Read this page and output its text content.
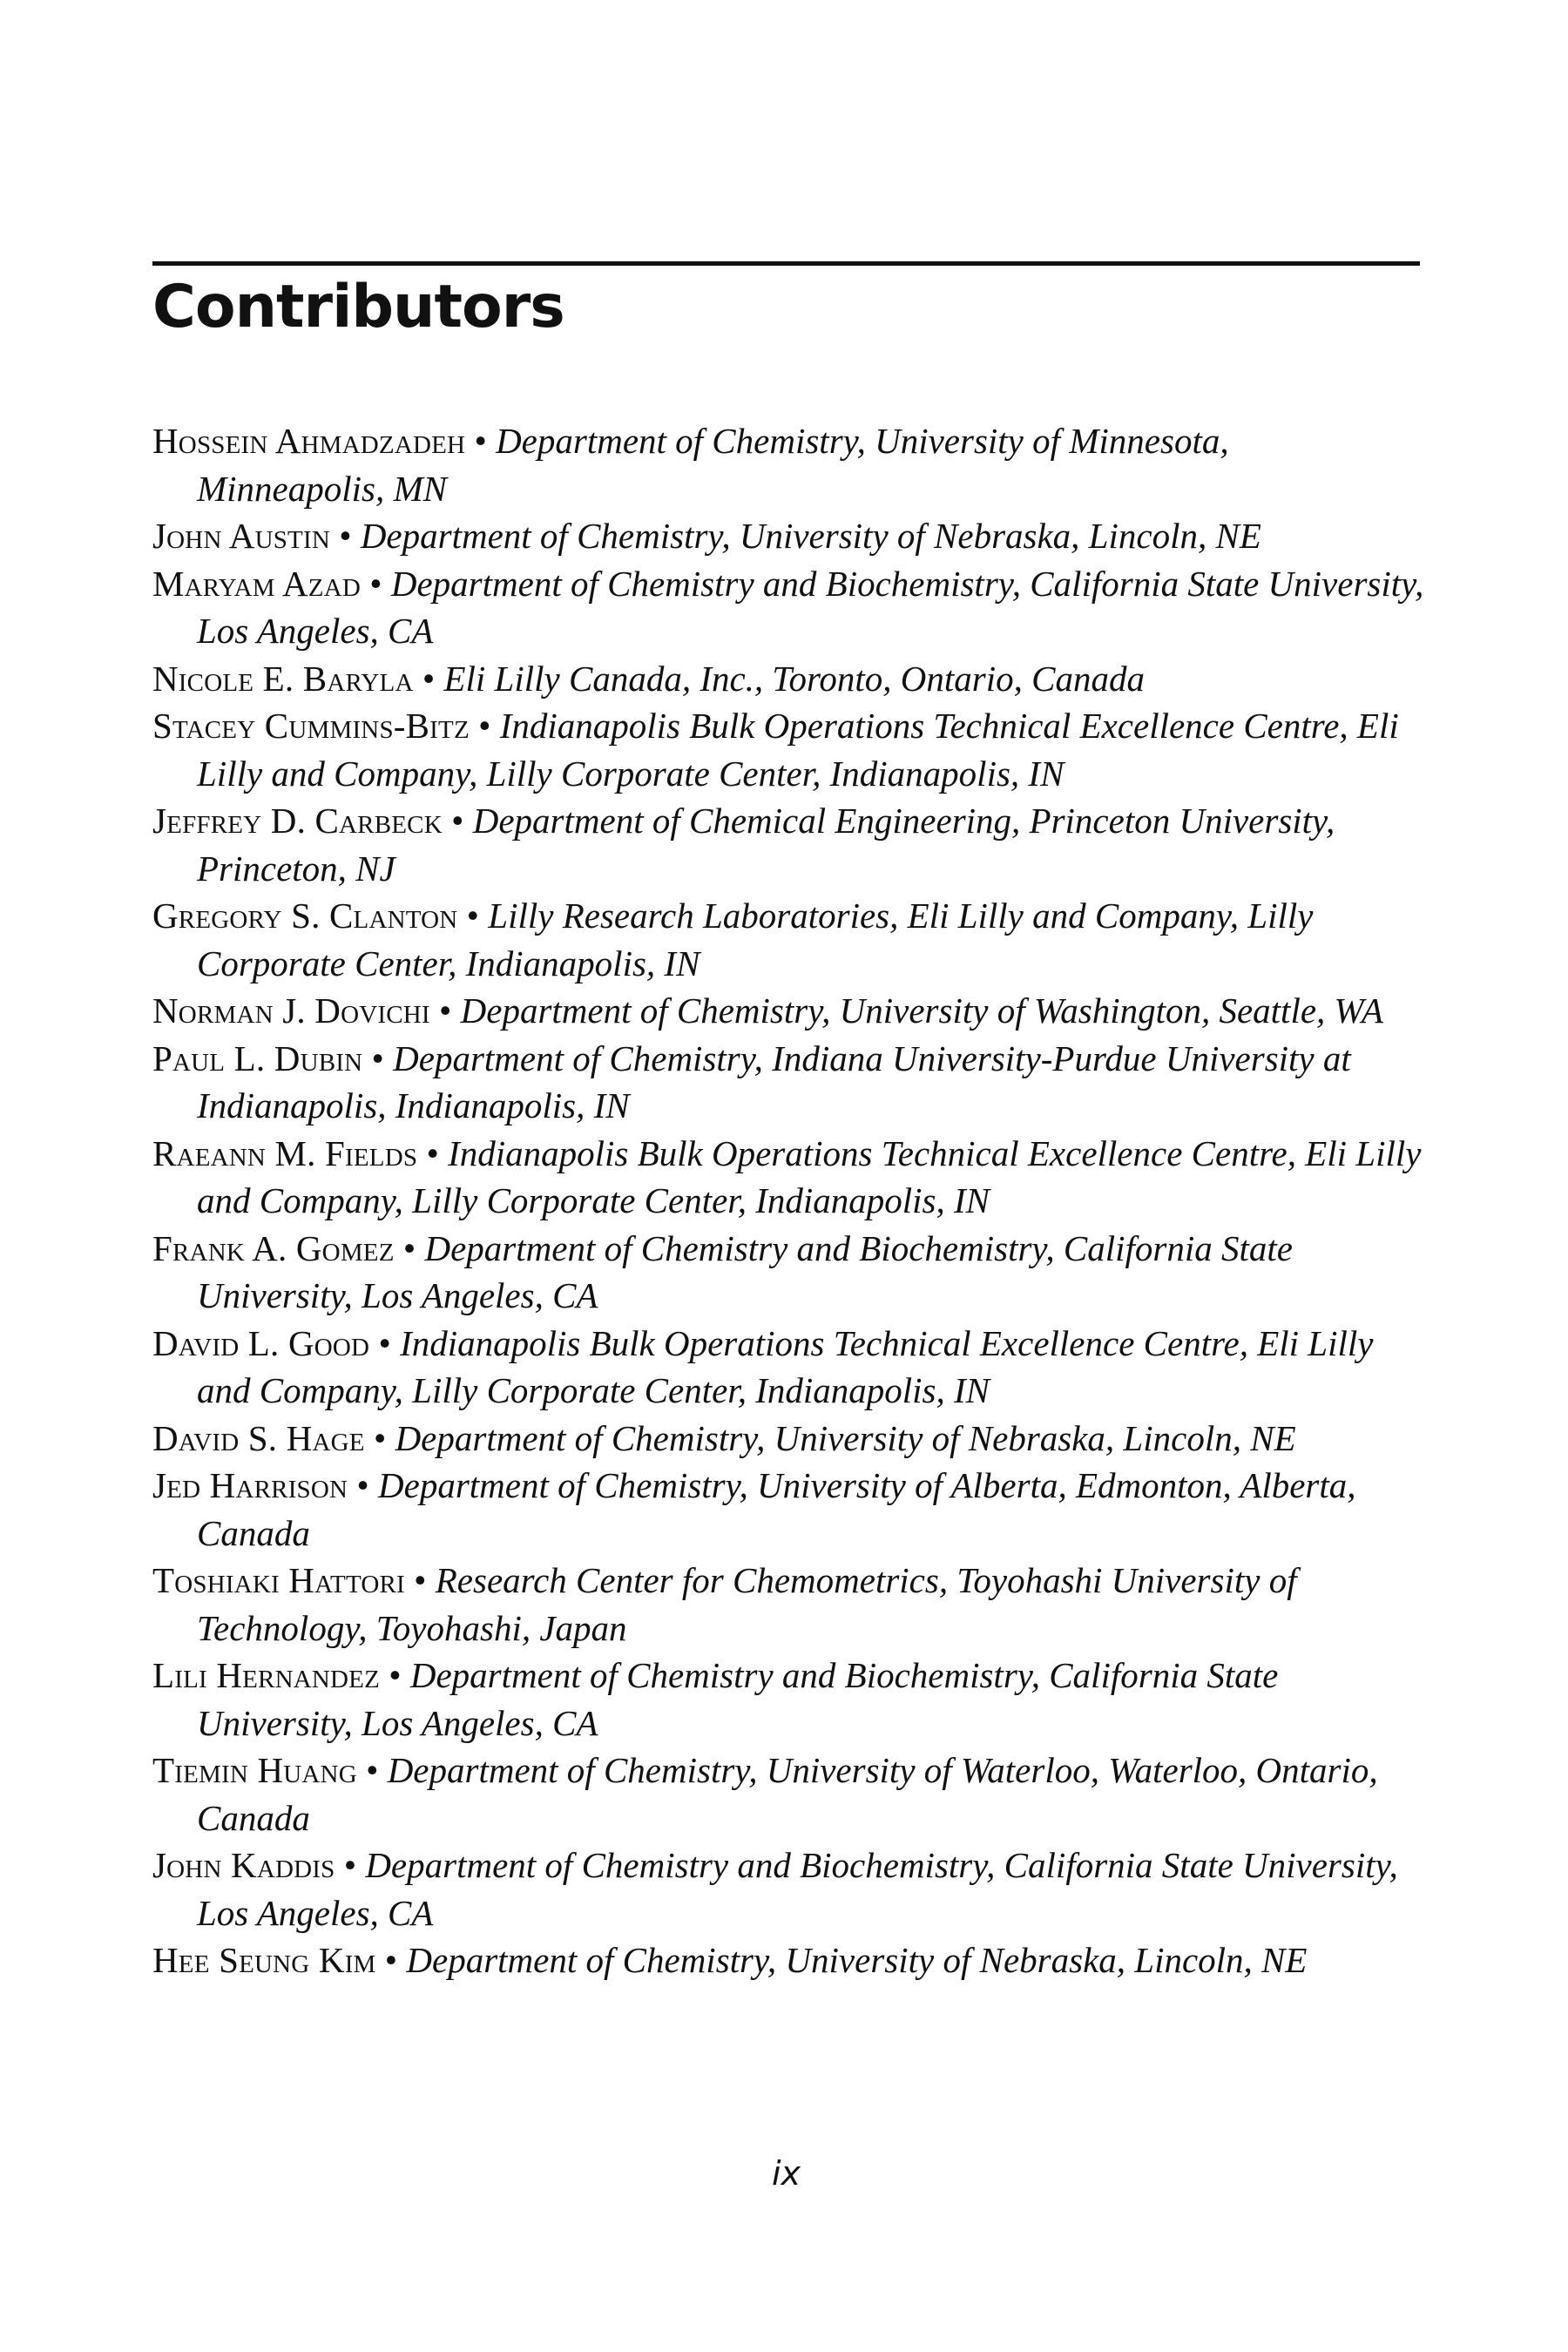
Contributors
Hossein Ahmadzadeh • Department of Chemistry, University of Minnesota, Minneapolis, MN
John Austin • Department of Chemistry, University of Nebraska, Lincoln, NE
Maryam Azad • Department of Chemistry and Biochemistry, California State University, Los Angeles, CA
Nicole E. Baryla • Eli Lilly Canada, Inc., Toronto, Ontario, Canada
Stacey Cummins-Bitz • Indianapolis Bulk Operations Technical Excellence Centre, Eli Lilly and Company, Lilly Corporate Center, Indianapolis, IN
Jeffrey D. Carbeck • Department of Chemical Engineering, Princeton University, Princeton, NJ
Gregory S. Clanton • Lilly Research Laboratories, Eli Lilly and Company, Lilly Corporate Center, Indianapolis, IN
Norman J. Dovichi • Department of Chemistry, University of Washington, Seattle, WA
Paul L. Dubin • Department of Chemistry, Indiana University-Purdue University at Indianapolis, Indianapolis, IN
Raeann M. Fields • Indianapolis Bulk Operations Technical Excellence Centre, Eli Lilly and Company, Lilly Corporate Center, Indianapolis, IN
Frank A. Gomez • Department of Chemistry and Biochemistry, California State University, Los Angeles, CA
David L. Good • Indianapolis Bulk Operations Technical Excellence Centre, Eli Lilly and Company, Lilly Corporate Center, Indianapolis, IN
David S. Hage • Department of Chemistry, University of Nebraska, Lincoln, NE
Jed Harrison • Department of Chemistry, University of Alberta, Edmonton, Alberta, Canada
Toshiaki Hattori • Research Center for Chemometrics, Toyohashi University of Technology, Toyohashi, Japan
Lili Hernandez • Department of Chemistry and Biochemistry, California State University, Los Angeles, CA
Tiemin Huang • Department of Chemistry, University of Waterloo, Waterloo, Ontario, Canada
John Kaddis • Department of Chemistry and Biochemistry, California State University, Los Angeles, CA
Hee Seung Kim • Department of Chemistry, University of Nebraska, Lincoln, NE

ix
